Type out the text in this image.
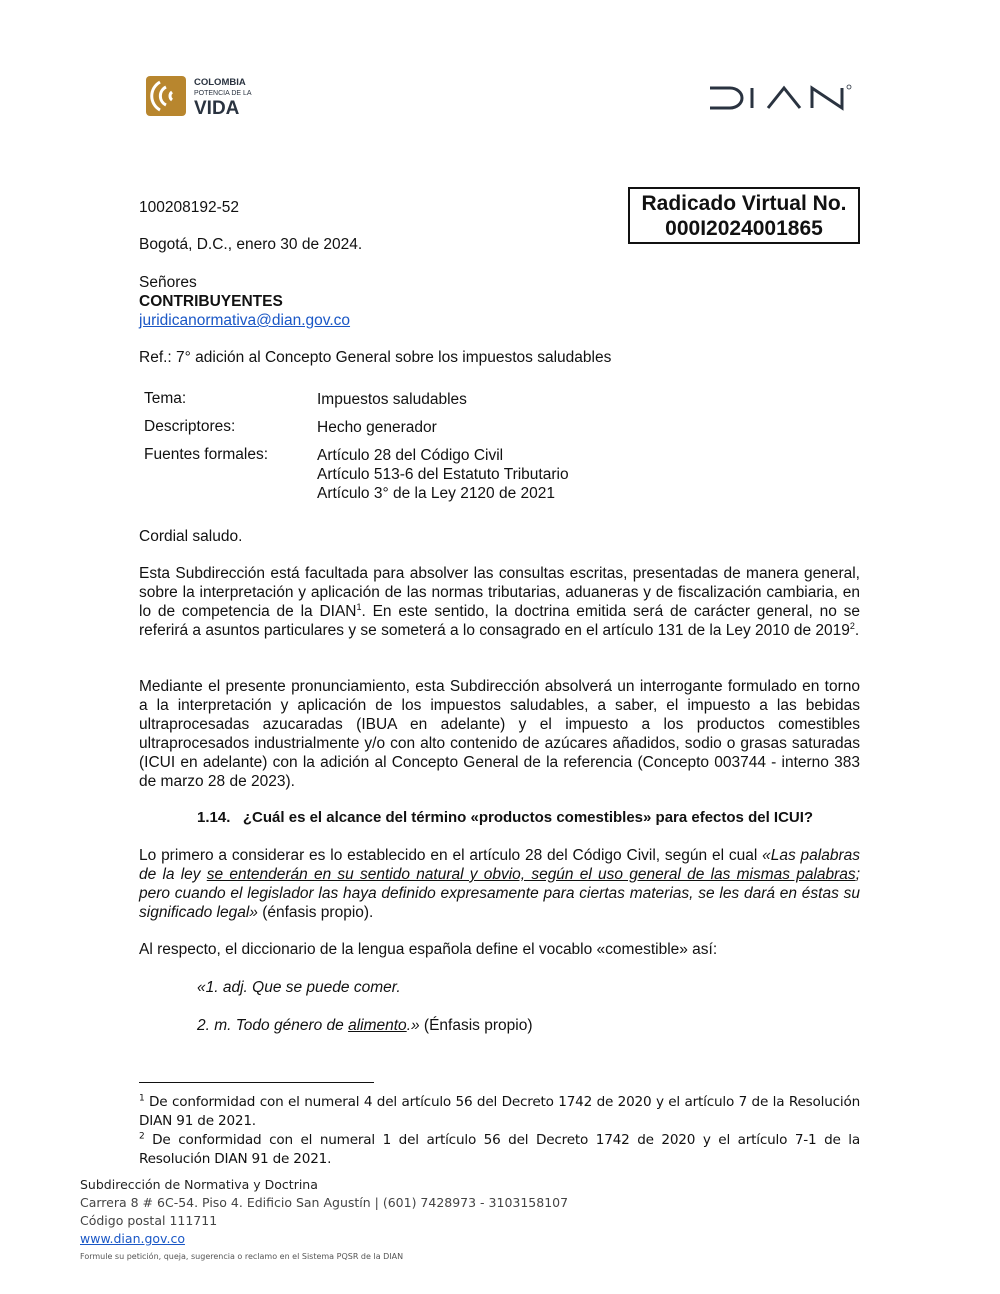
COLOMBIA
POTENCIA DE LA
VIDA
Radicado Virtual No.
000I2024001865
100208192-52
Bogotá, D.C., enero 30 de 2024.
Señores
CONTRIBUYENTES
juridicanormativa@dian.gov.co
Ref.: 7° adición al Concepto General sobre los impuestos saludables
Tema:	Impuestos saludables
Descriptores:	Hecho generador
Fuentes formales:	Artículo 28 del Código Civil
Artículo 513-6 del Estatuto Tributario
Artículo 3° de la Ley 2120 de 2021
Cordial saludo.

Esta Subdirección está facultada para absolver las consultas escritas, presentadas de manera general, sobre la interpretación y aplicación de las normas tributarias, aduaneras y de fiscalización cambiaria, en lo de competencia de la DIAN$^1$. En este sentido, la doctrina emitida será de carácter general, no se referirá a asuntos particulares y se someterá a lo consagrado en el artículo 131 de la Ley 2010 de 2019$^2$.

Mediante el presente pronunciamiento, esta Subdirección absolverá un interrogante formulado en torno a la interpretación y aplicación de los impuestos saludables, a saber, el impuesto a las bebidas ultraprocesadas azucaradas (IBUA en adelante) y el impuesto a los productos comestibles ultraprocesados industrialmente y/o con alto contenido de azúcares añadidos, sodio o grasas saturadas (ICUI en adelante) con la adición al Concepto General de la referencia (Concepto 003744 - interno 383 de marzo 28 de 2023).
1.14. ¿Cuál es el alcance del término «productos comestibles» para efectos del ICUI?

Lo primero a considerar es lo establecido en el artículo 28 del Código Civil, según el cual «Las palabras de la ley se entenderán en su sentido natural y obvio, según el uso general de las mismas palabras; pero cuando el legislador las haya definido expresamente para ciertas materias, se les dará en éstas su significado legal» (énfasis propio).

Al respecto, el diccionario de la lengua española define el vocablo «comestible» así:
«1. adj. Que se puede comer.
2. m. Todo género de alimento.» (Énfasis propio)

$^1$ De conformidad con el numeral 4 del artículo 56 del Decreto 1742 de 2020 y el artículo 7 de la Resolución DIAN 91 de 2021.

$^2$ De conformidad con el numeral 1 del artículo 56 del Decreto 1742 de 2020 y el artículo 7-1 de la Resolución DIAN 91 de 2021.

Subdirección de Normativa y Doctrina
Carrera 8 # 6C-54. Piso 4. Edificio San Agustín | (601) 7428973 - 3103158107
Código postal 111711
www.dian.gov.co
Formule su petición, queja, sugerencia o reclamo en el Sistema PQSR de la DIAN
